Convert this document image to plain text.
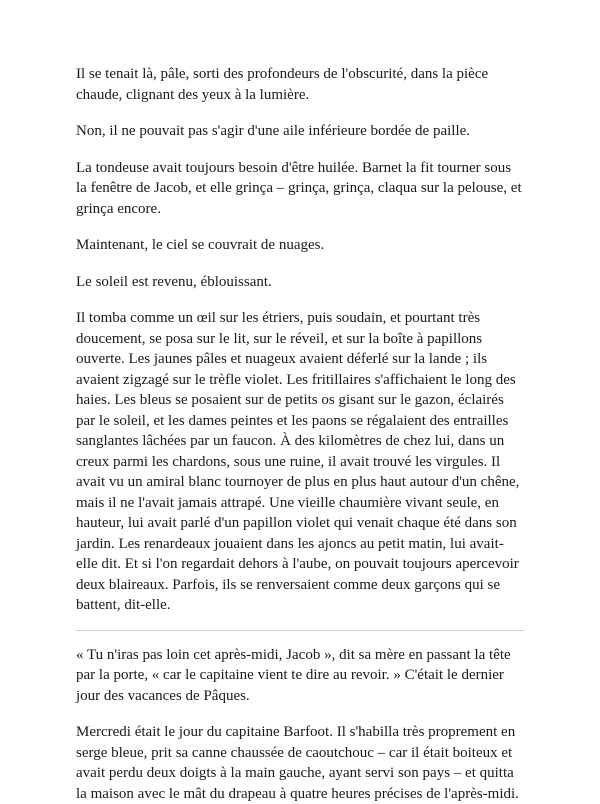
Il se tenait là, pâle, sorti des profondeurs de l'obscurité, dans la pièce chaude, clignant des yeux à la lumière.

Non, il ne pouvait pas s'agir d'une aile inférieure bordée de paille.

La tondeuse avait toujours besoin d'être huilée. Barnet la fit tourner sous la fenêtre de Jacob, et elle grinça – grinça, grinça, claqua sur la pelouse, et grinça encore.

Maintenant, le ciel se couvrait de nuages.

Le soleil est revenu, éblouissant.

Il tomba comme un œil sur les étriers, puis soudain, et pourtant très doucement, se posa sur le lit, sur le réveil, et sur la boîte à papillons ouverte. Les jaunes pâles et nuageux avaient déferlé sur la lande ; ils avaient zigzagé sur le trèfle violet. Les fritillaires s'affichaient le long des haies. Les bleus se posaient sur de petits os gisant sur le gazon, éclairés par le soleil, et les dames peintes et les paons se régalaient des entrailles sanglantes lâchées par un faucon. À des kilomètres de chez lui, dans un creux parmi les chardons, sous une ruine, il avait trouvé les virgules. Il avait vu un amiral blanc tournoyer de plus en plus haut autour d'un chêne, mais il ne l'avait jamais attrapé. Une vieille chaumière vivant seule, en hauteur, lui avait parlé d'un papillon violet qui venait chaque été dans son jardin. Les renardeaux jouaient dans les ajoncs au petit matin, lui avait-elle dit. Et si l'on regardait dehors à l'aube, on pouvait toujours apercevoir deux blaireaux. Parfois, ils se renversaient comme deux garçons qui se battent, dit-elle.

« Tu n'iras pas loin cet après-midi, Jacob », dit sa mère en passant la tête par la porte, « car le capitaine vient te dire au revoir. » C'était le dernier jour des vacances de Pâques.

Mercredi était le jour du capitaine Barfoot. Il s'habilla très proprement en serge bleue, prit sa canne chaussée de caoutchouc – car il était boiteux et avait perdu deux doigts à la main gauche, ayant servi son pays – et quitta la maison avec le mât du drapeau à quatre heures précises de l'après-midi.
